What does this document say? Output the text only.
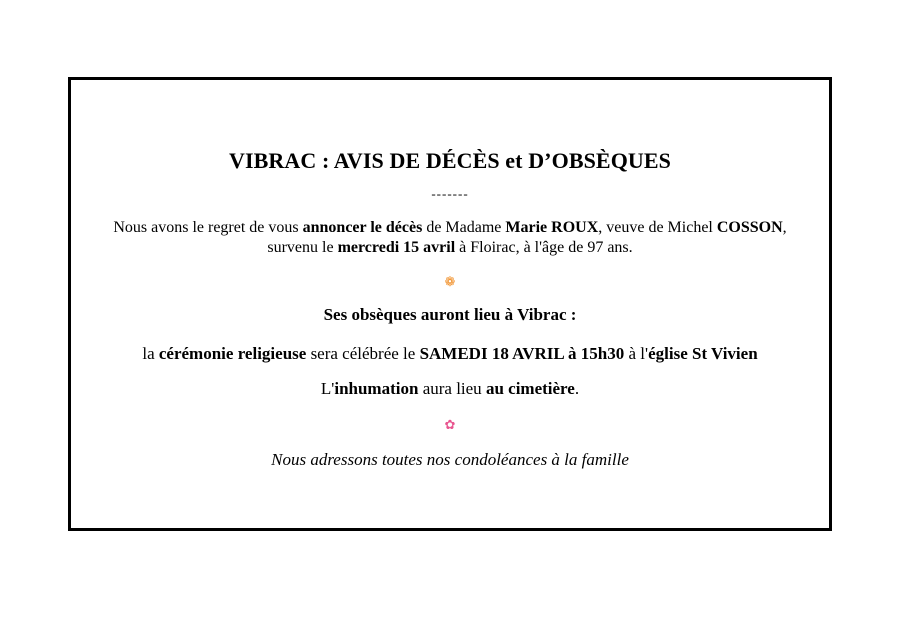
VIBRAC : AVIS DE DÉCÈS et D’OBSÈQUES
-------
Nous avons le regret de vous annoncer le décès de Madame Marie ROUX, veuve de Michel COSSON,
survenu le mercredi 15 avril à Floirac, à l'âge de 97 ans.
❁
Ses obsèques auront lieu à Vibrac :
la cérémonie religieuse sera célébrée le SAMEDI 18 AVRIL à 15h30 à l'église St Vivien
L'inhumation aura lieu au cimetière.
✿
Nous adressons toutes nos condoléances à la famille
